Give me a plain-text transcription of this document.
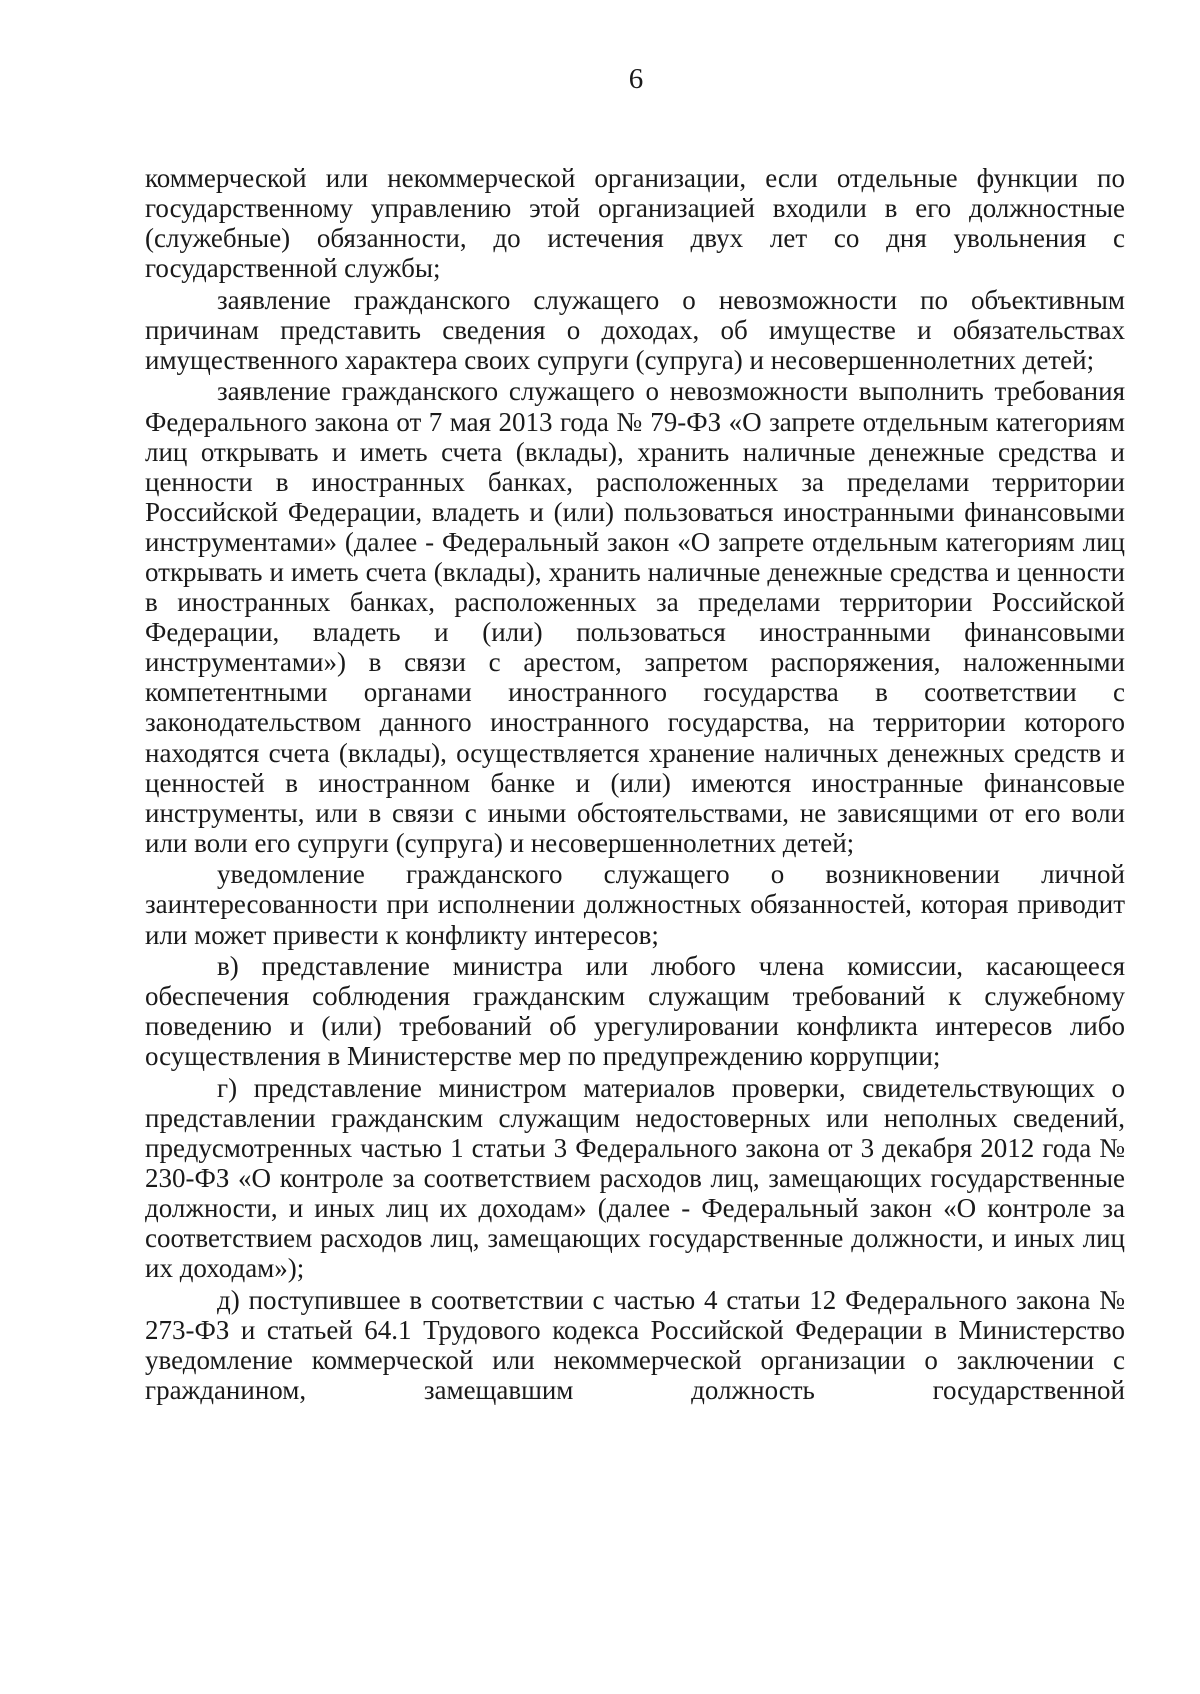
6

коммерческой или некоммерческой организации, если отдельные функции по государственному управлению этой организацией входили в его должностные (служебные) обязанности, до истечения двух лет со дня увольнения с государственной службы;

заявление гражданского служащего о невозможности по объективным причинам представить сведения о доходах, об имуществе и обязательствах имущественного характера своих супруги (супруга) и несовершеннолетних детей;

заявление гражданского служащего о невозможности выполнить требования Федерального закона от 7 мая 2013 года № 79-ФЗ «О запрете отдельным категориям лиц открывать и иметь счета (вклады), хранить наличные денежные средства и ценности в иностранных банках, расположенных за пределами территории Российской Федерации, владеть и (или) пользоваться иностранными финансовыми инструментами» (далее - Федеральный закон «О запрете отдельным категориям лиц открывать и иметь счета (вклады), хранить наличные денежные средства и ценности в иностранных банках, расположенных за пределами территории Российской Федерации, владеть и (или) пользоваться иностранными финансовыми инструментами») в связи с арестом, запретом распоряжения, наложенными компетентными органами иностранного государства в соответствии с законодательством данного иностранного государства, на территории которого находятся счета (вклады), осуществляется хранение наличных денежных средств и ценностей в иностранном банке и (или) имеются иностранные финансовые инструменты, или в связи с иными обстоятельствами, не зависящими от его воли или воли его супруги (супруга) и несовершеннолетних детей;

уведомление гражданского служащего о возникновении личной заинтересованности при исполнении должностных обязанностей, которая приводит или может привести к конфликту интересов;

в) представление министра или любого члена комиссии, касающееся обеспечения соблюдения гражданским служащим требований к служебному поведению и (или) требований об урегулировании конфликта интересов либо осуществления в Министерстве мер по предупреждению коррупции;

г) представление министром материалов проверки, свидетельствующих о представлении гражданским служащим недостоверных или неполных сведений, предусмотренных частью 1 статьи 3 Федерального закона от 3 декабря 2012 года № 230-ФЗ «О контроле за соответствием расходов лиц, замещающих государственные должности, и иных лиц их доходам» (далее - Федеральный закон «О контроле за соответствием расходов лиц, замещающих государственные должности, и иных лиц их доходам»);

д) поступившее в соответствии с частью 4 статьи 12 Федерального закона № 273-ФЗ и статьей 64.1 Трудового кодекса Российской Федерации в Министерство уведомление коммерческой или некоммерческой организации о заключении с гражданином, замещавшим должность государственной
